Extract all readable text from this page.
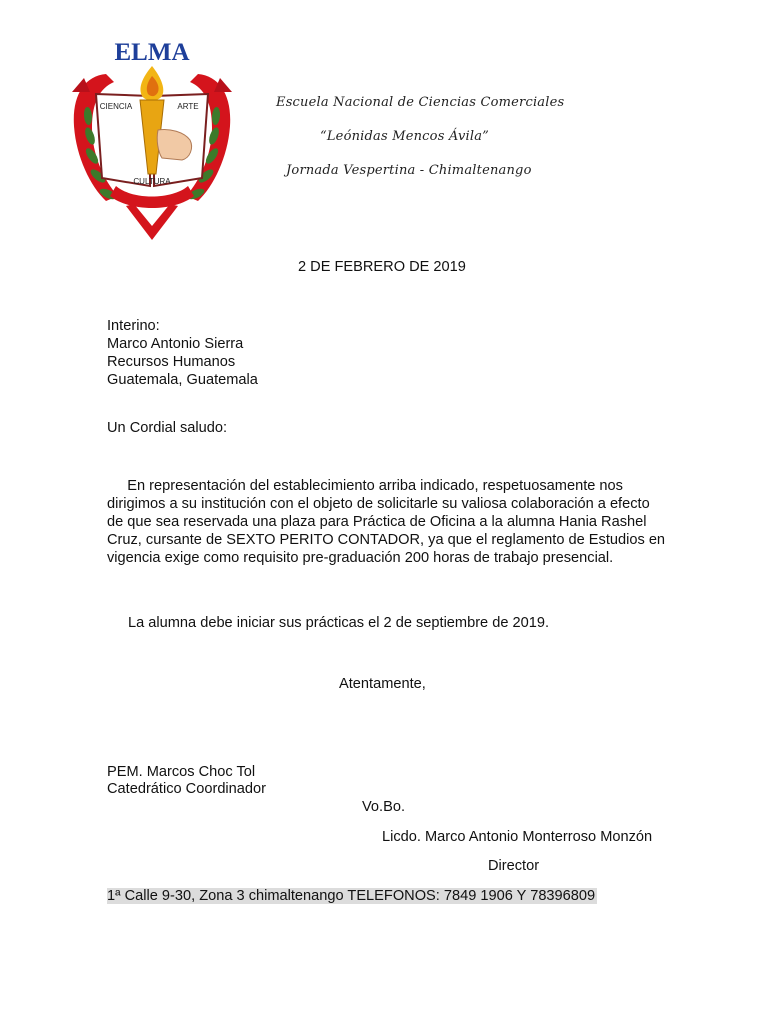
ELMA
CIENCIA	ARTE
CULTURA
Escuela Nacional de Ciencias Comerciales
“Leónidas Mencos Ávila”
Jornada Vespertina - Chimaltenango
2 DE FEBRERO DE 2019
Interino:
Marco Antonio Sierra
Recursos Humanos
Guatemala, Guatemala
Un Cordial saludo:
En representación del establecimiento arriba indicado, respetuosamente nos dirigimos a su institución con el objeto de solicitarle su valiosa colaboración a efecto de que sea reservada una plaza para Práctica de Oficina a la alumna Hania Rashel Cruz, cursante de SEXTO PERITO CONTADOR, ya que el reglamento de Estudios en vigencia exige como requisito pre-graduación 200 horas de trabajo presencial.
La alumna debe iniciar sus prácticas el 2 de septiembre de 2019.
Atentamente,
PEM. Marcos Choc Tol
Catedrático Coordinador
Vo.Bo.
Licdo. Marco Antonio Monterroso Monzón
Director
1ª Calle 9-30, Zona 3 chimaltenango TELEFONOS: 7849 1906 Y 78396809
